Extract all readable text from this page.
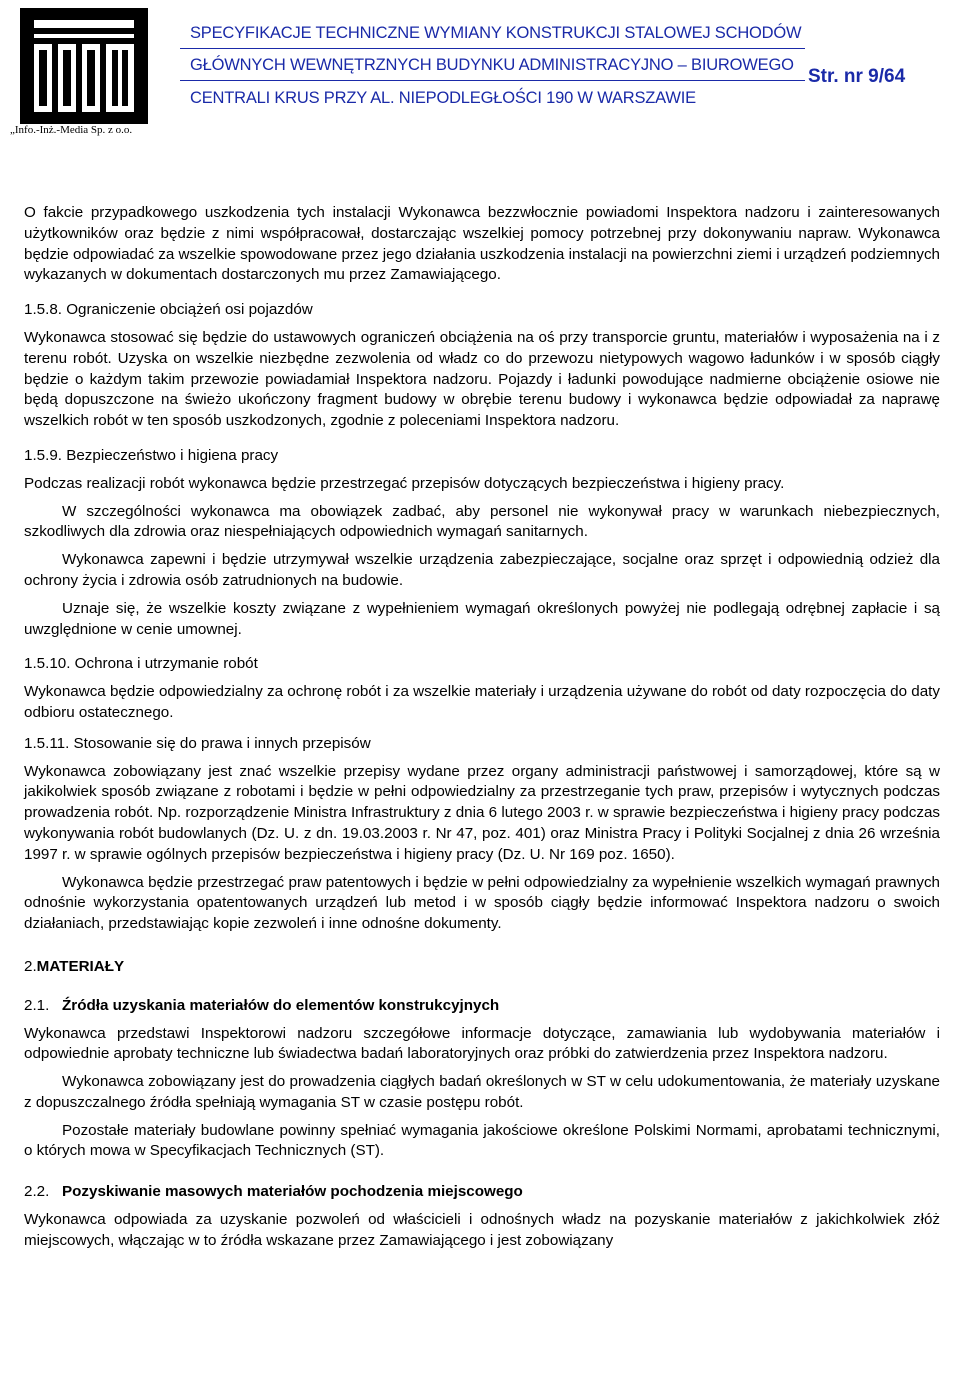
„Info.-Inż.-Media Sp. z o.o.
SPECYFIKACJE TECHNICZNE WYMIANY KONSTRUKCJI STALOWEJ SCHODÓW
GŁÓWNYCH WEWNĘTRZNYCH BUDYNKU ADMINISTRACYJNO – BIUROWEGO
CENTRALI KRUS PRZY AL. NIEPODLEGŁOŚCI 190 W WARSZAWIE
Str. nr 9/64

O fakcie przypadkowego uszkodzenia tych instalacji Wykonawca bezzwłocznie powiadomi Inspektora nadzoru i zainteresowanych użytkowników oraz będzie z nimi współpracował, dostarczając wszelkiej pomocy potrzebnej przy dokonywaniu napraw. Wykonawca będzie odpowiadać za wszelkie spowodowane przez jego działania uszkodzenia instalacji na powierzchni ziemi i urządzeń podziemnych wykazanych w dokumentach dostarczonych mu przez Zamawiającego.

1.5.8. Ograniczenie obciążeń osi pojazdów

Wykonawca stosować się będzie do ustawowych ograniczeń obciążenia na oś przy transporcie gruntu, materiałów i wyposażenia na i z terenu robót. Uzyska on wszelkie niezbędne zezwolenia od władz co do przewozu nietypowych wagowo ładunków i w sposób ciągły będzie o każdym takim przewozie powiadamiał Inspektora nadzoru. Pojazdy i ładunki powodujące nadmierne obciążenie osiowe nie będą dopuszczone na świeżo ukończony fragment budowy w obrębie terenu budowy i wykonawca będzie odpowiadał za naprawę wszelkich robót w ten sposób uszkodzonych, zgodnie z poleceniami Inspektora nadzoru.

1.5.9. Bezpieczeństwo i higiena pracy

Podczas realizacji robót wykonawca będzie przestrzegać przepisów dotyczących bezpieczeństwa i higieny pracy.

W szczególności wykonawca ma obowiązek zadbać, aby personel nie wykonywał pracy w warunkach niebezpiecznych, szkodliwych dla zdrowia oraz niespełniających odpowiednich wymagań sanitarnych.

Wykonawca zapewni i będzie utrzymywał wszelkie urządzenia zabezpieczające, socjalne oraz sprzęt i odpowiednią odzież dla ochrony życia i zdrowia osób zatrudnionych na budowie.

Uznaje się, że wszelkie koszty związane z wypełnieniem wymagań określonych powyżej nie podlegają odrębnej zapłacie i są uwzględnione w cenie umownej.

1.5.10. Ochrona i utrzymanie robót

Wykonawca będzie odpowiedzialny za ochronę robót i za wszelkie materiały i urządzenia używane do robót od daty rozpoczęcia do daty odbioru ostatecznego.

1.5.11. Stosowanie się do prawa i innych przepisów

Wykonawca zobowiązany jest znać wszelkie przepisy wydane przez organy administracji państwowej i samorządowej, które są w jakikolwiek sposób związane z robotami i będzie w pełni odpowiedzialny za przestrzeganie tych praw, przepisów i wytycznych podczas prowadzenia robót. Np. rozporządzenie Ministra Infrastruktury z dnia 6 lutego 2003 r. w sprawie bezpieczeństwa i higieny pracy podczas wykonywania robót budowlanych (Dz. U. z dn. 19.03.2003 r. Nr 47, poz. 401) oraz Ministra Pracy i Polityki Socjalnej z dnia 26 września 1997 r. w sprawie ogólnych przepisów bezpieczeństwa i higieny pracy (Dz. U. Nr 169 poz. 1650).

Wykonawca będzie przestrzegać praw patentowych i będzie w pełni odpowiedzialny za wypełnienie wszelkich wymagań prawnych odnośnie wykorzystania opatentowanych urządzeń lub metod i w sposób ciągły będzie informować Inspektora nadzoru o swoich działaniach, przedstawiając kopie zezwoleń i inne odnośne dokumenty.

2.MATERIAŁY
2.1. Źródła uzyskania materiałów do elementów konstrukcyjnych

Wykonawca przedstawi Inspektorowi nadzoru szczegółowe informacje dotyczące, zamawiania lub wydobywania materiałów i odpowiednie aprobaty techniczne lub świadectwa badań laboratoryjnych oraz próbki do zatwierdzenia przez Inspektora nadzoru.

Wykonawca zobowiązany jest do prowadzenia ciągłych badań określonych w ST w celu udokumentowania, że materiały uzyskane z dopuszczalnego źródła spełniają wymagania ST w czasie postępu robót.

Pozostałe materiały budowlane powinny spełniać wymagania jakościowe określone Polskimi Normami, aprobatami technicznymi, o których mowa w Specyfikacjach Technicznych (ST).

2.2. Pozyskiwanie masowych materiałów pochodzenia miejscowego

Wykonawca odpowiada za uzyskanie pozwoleń od właścicieli i odnośnych władz na pozyskanie materiałów z jakichkolwiek złóż miejscowych, włączając w to źródła wskazane przez Zamawiającego i jest zobowiązany
